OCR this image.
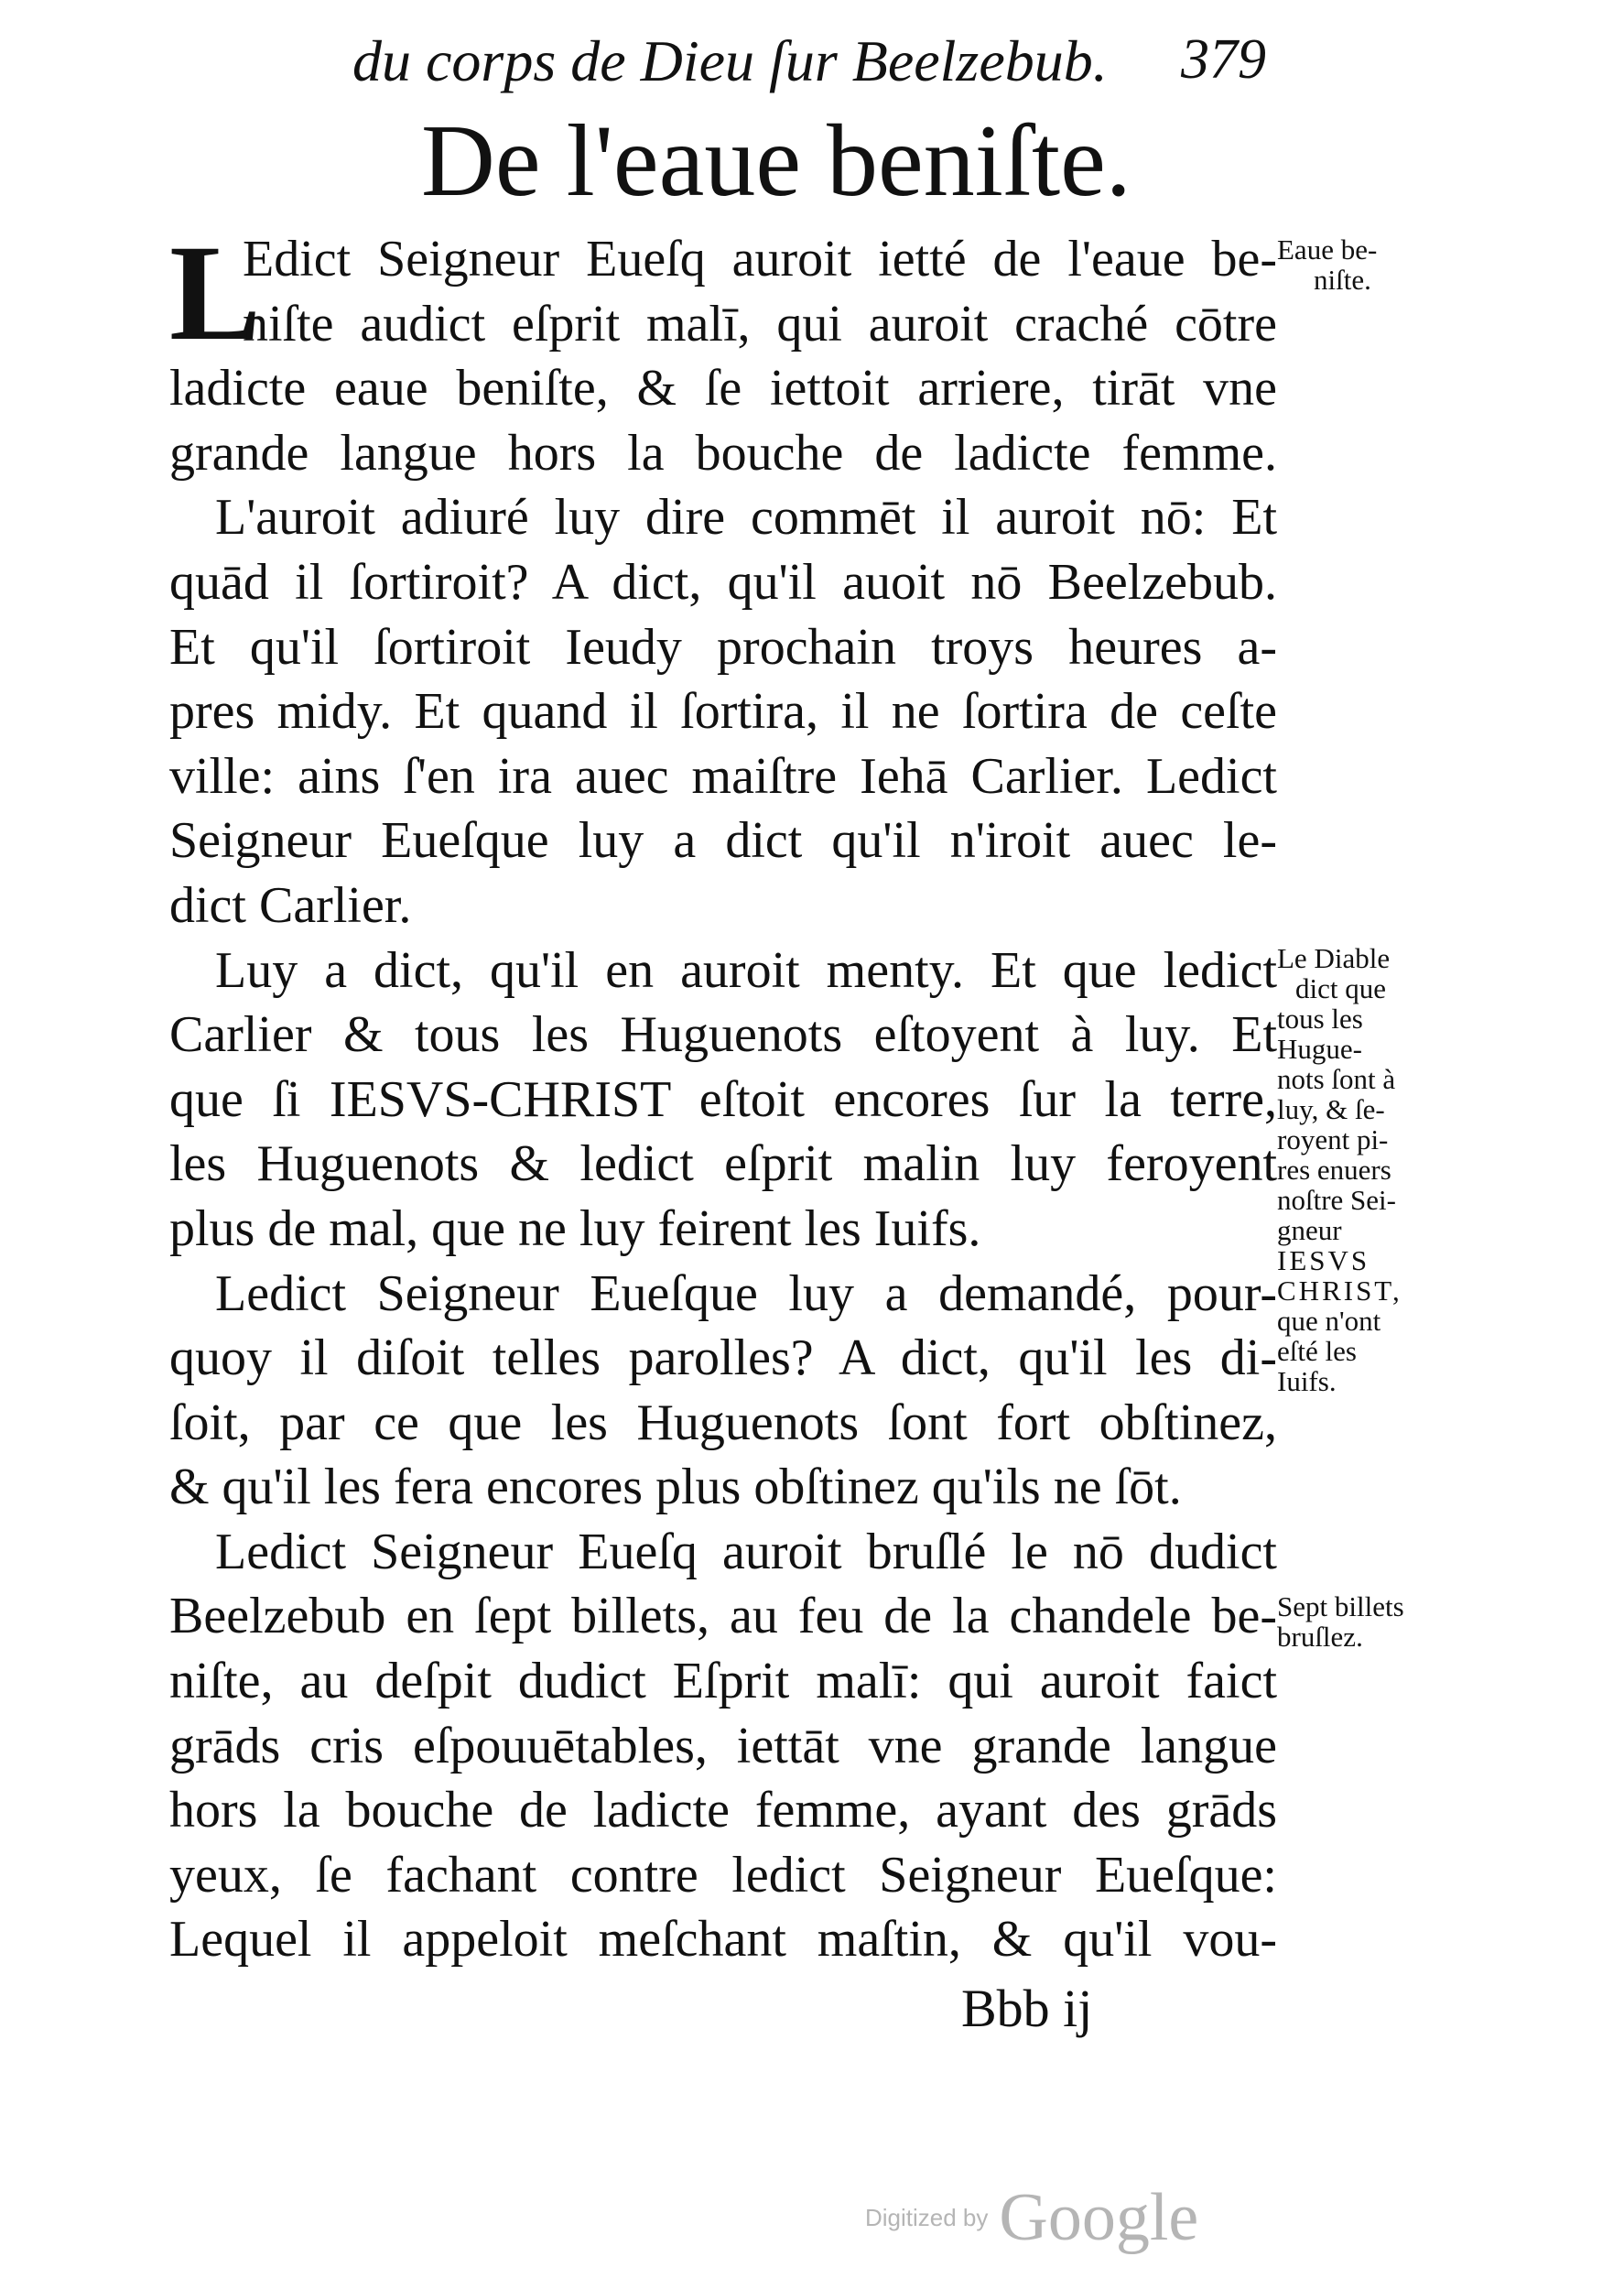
du corps de Dieu ſur Beelzebub. 379
De l'eaue beniſte.
L
Edict Seigneur Eueſq auroit ietté de l'eaue be-
niſte audict eſprit malī, qui auroit craché cōtre
ladicte eaue beniſte, & ſe iettoit arriere, tirāt vne
grande langue hors la bouche de ladicte femme.
L'auroit adiuré luy dire commēt il auroit nō: Et
quād il ſortiroit? A dict, qu'il auoit nō Beelzebub.
Et qu'il ſortiroit Ieudy prochain troys heures a-
pres midy. Et quand il ſortira, il ne ſortira de ceſte
ville: ains ſ'en ira auec maiſtre Iehā Carlier. Ledict
Seigneur Eueſque luy a dict qu'il n'iroit auec le-
dict Carlier.
Luy a dict, qu'il en auroit menty. Et que ledict
Carlier & tous les Huguenots eſtoyent à luy. Et
que ſi IESVS-CHRIST eſtoit encores ſur la terre,
les Huguenots & ledict eſprit malin luy feroyent
plus de mal, que ne luy feirent les Iuifs.
Ledict Seigneur Eueſque luy a demandé, pour-
quoy il diſoit telles parolles? A dict, qu'il les di-
ſoit, par ce que les Huguenots ſont fort obſtinez,
& qu'il les fera encores plus obſtinez qu'ils ne ſōt.
Ledict Seigneur Eueſq auroit bruſlé le nō dudict
Beelzebub en ſept billets, au feu de la chandele be-
niſte, au deſpit dudict Eſprit malī: qui auroit faict
grāds cris eſpouuētables, iettāt vne grande langue
hors la bouche de ladicte femme, ayant des grāds
yeux, ſe fachant contre ledict Seigneur Eueſque:
Lequel il appeloit meſchant maſtin, & qu'il vou-
Eaue be-
niſte.
Le Diable
dict que
tous les
Hugue-
nots ſont à
luy, & ſe-
royent pi-
res enuers
noſtre Sei-
gneur
IESVS
CHRIST,
que n'ont
eſté les
Iuifs.
Sept billets
bruſlez.
Bbb ij
Digitized by Google
